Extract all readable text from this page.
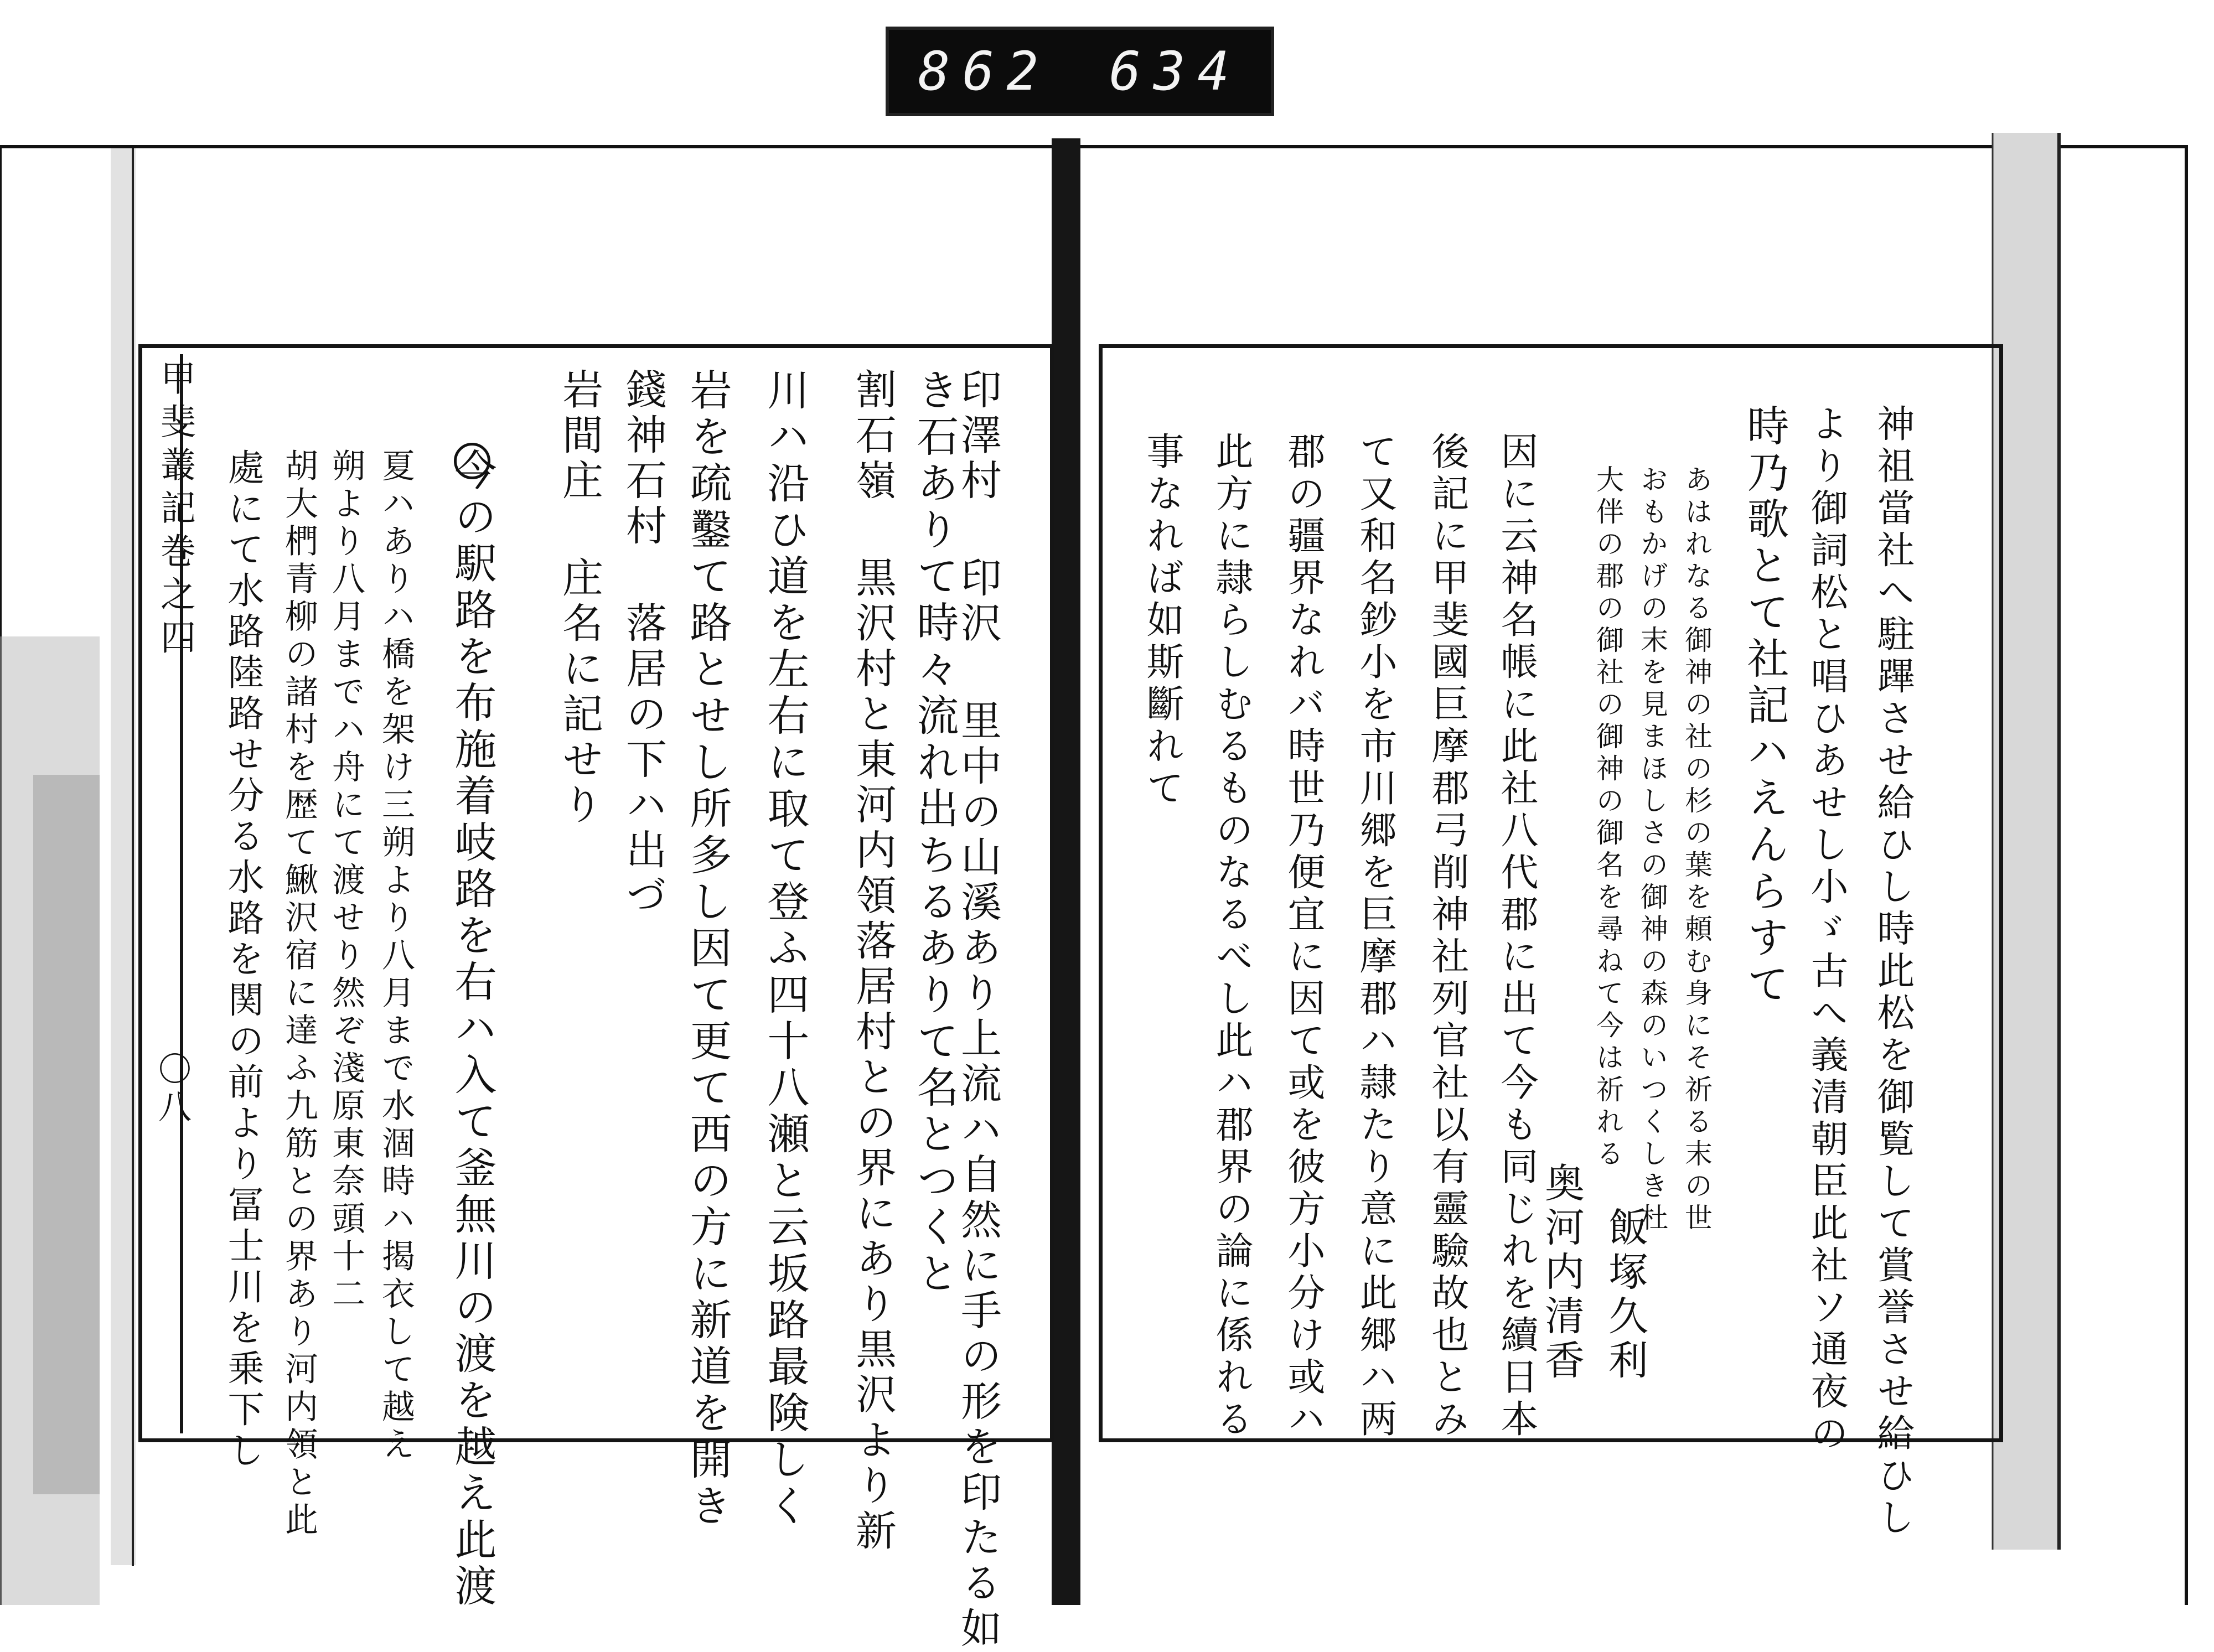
862 634
甲斐叢記巻之四
〇八	印澤村 印沢 里中の山溪あり上流ハ自然に手の形を印たる如
き石ありて時々流れ出ちるありて名とつくと
割石嶺 黒沢村と東河内領落居村との界にあり黒沢より新
川ハ沿ひ道を左右に取て登ふ四十八瀬と云坂路最険しく
岩を疏鑿て路とせし所多し因て更て西の方に新道を開き
錢神石村 落居の下ハ出づ
岩間庄 庄名に記せり
今の駅路を布施着岐路を右ハ入て釜無川の渡を越え此渡
夏ハありハ橋を架け三朔より八月まで水涸時ハ揭衣して越え
朔より八月までハ舟にて渡せり然ぞ淺原東奈頭十二
胡大椚青柳の諸村を歴て鰍沢宿に達ふ九筋との界あり河内領と此
處にて水路陸路せ分る水路を関の前より冨士川を乗下し	神祖當社へ駐蹕させ給ひし時此松を御覧して賞誉させ給ひし
より御詞松と唱ひあせし小ゞ古へ義清朝臣此社ソ通夜の
時乃歌とて社記ハえんらすて
あはれなる御神の社の杉の葉を頼む身にそ祈る末の世
おもかげの末を見まほしさの御神の森のいつくしき杜
大伴の郡の御社の御神の御名を尋ねて今は祈れる
飯塚久利
因に云神名帳に此社八代郡に出て今も同じれを續日本
後記に甲斐國巨摩郡弓削神社列官社以有靈驗故也とみ
て又和名鈔小を市川郷を巨摩郡ハ隷たり意に此郷ハ两
郡の疆界なれバ時世乃便宜に因て或を彼方小分け或ハ
此方に隷らしむるものなるべし此ハ郡界の論に係れる
事なれば如斯斷れて
奥河内清香
